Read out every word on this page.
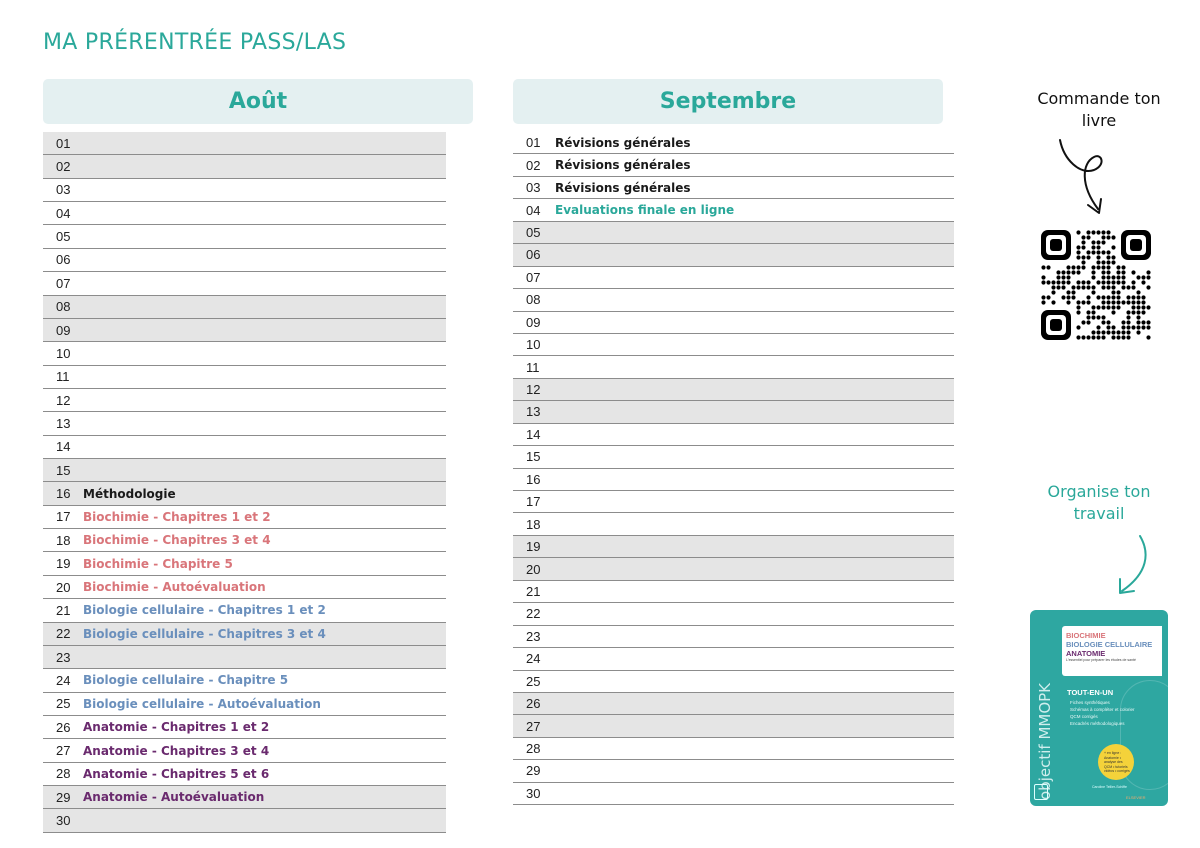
MA PRÉRENTRÉE PASS/LAS
Août	Septembre
01
02
03
04
05
06
07
08
09
10
11
12
13
14
15
16	Méthodologie
17	Biochimie - Chapitres 1 et 2
18	Biochimie - Chapitres 3 et 4
19	Biochimie - Chapitre 5
20	Biochimie - Autoévaluation
21	Biologie cellulaire - Chapitres 1 et 2
22	Biologie cellulaire - Chapitres 3 et 4
23
24	Biologie cellulaire - Chapitre 5
25	Biologie cellulaire - Autoévaluation
26	Anatomie - Chapitres 1 et 2
27	Anatomie - Chapitres 3 et 4
28	Anatomie - Chapitres 5 et 6
29	Anatomie - Autoévaluation
30
01	Révisions générales
02	Révisions générales
03	Révisions générales
04	Evaluations finale en ligne
05
06
07
08
09
10
11
12
13
14
15
16
17
18
19
20
21
22
23
24
25
26
27
28
29
30
Commande ton livre
Organise ton travail
objectif MMOPK
BIOCHIMIE
BIOLOGIE CELLULAIRE
ANATOMIE
L'essentiel pour préparer les études de santé
TOUT-EN-UN
Fiches synthétiques
Schémas à compléter et colorier
QCM corrigés
Encadrés méthodologiques
+ en ligne : Anatomie • analyse des QCM • tutoriels vidéos • corrigés
Caroline Tellier-Schiffe
ELSEVIER
